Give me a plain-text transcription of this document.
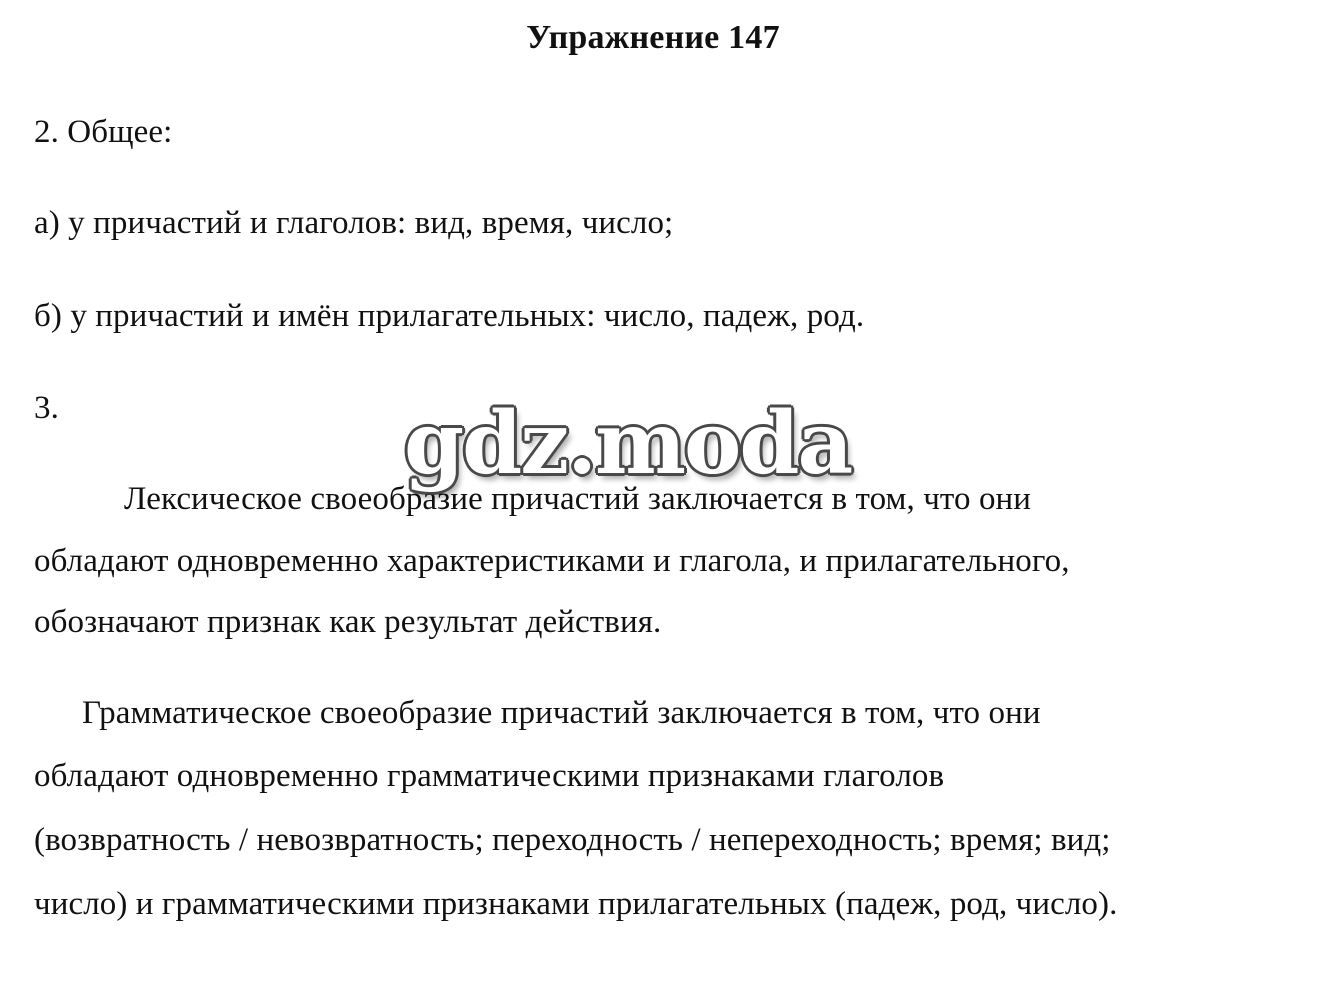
Упражнение 147
2. Общее:
а) у причастий и глаголов: вид, время, число;
б) у причастий и имён прилагательных: число, падеж, род.
3.
Лексическое своеобразие причастий заключается в том, что они
обладают одновременно характеристиками и глагола, и прилагательного,
обозначают признак как результат действия.
Грамматическое своеобразие причастий заключается в том, что они
обладают одновременно грамматическими признаками глаголов
(возвратность / невозвратность; переходность / непереходность; время; вид;
число) и грамматическими признаками прилагательных (падеж, род, число).
gdz.moda
